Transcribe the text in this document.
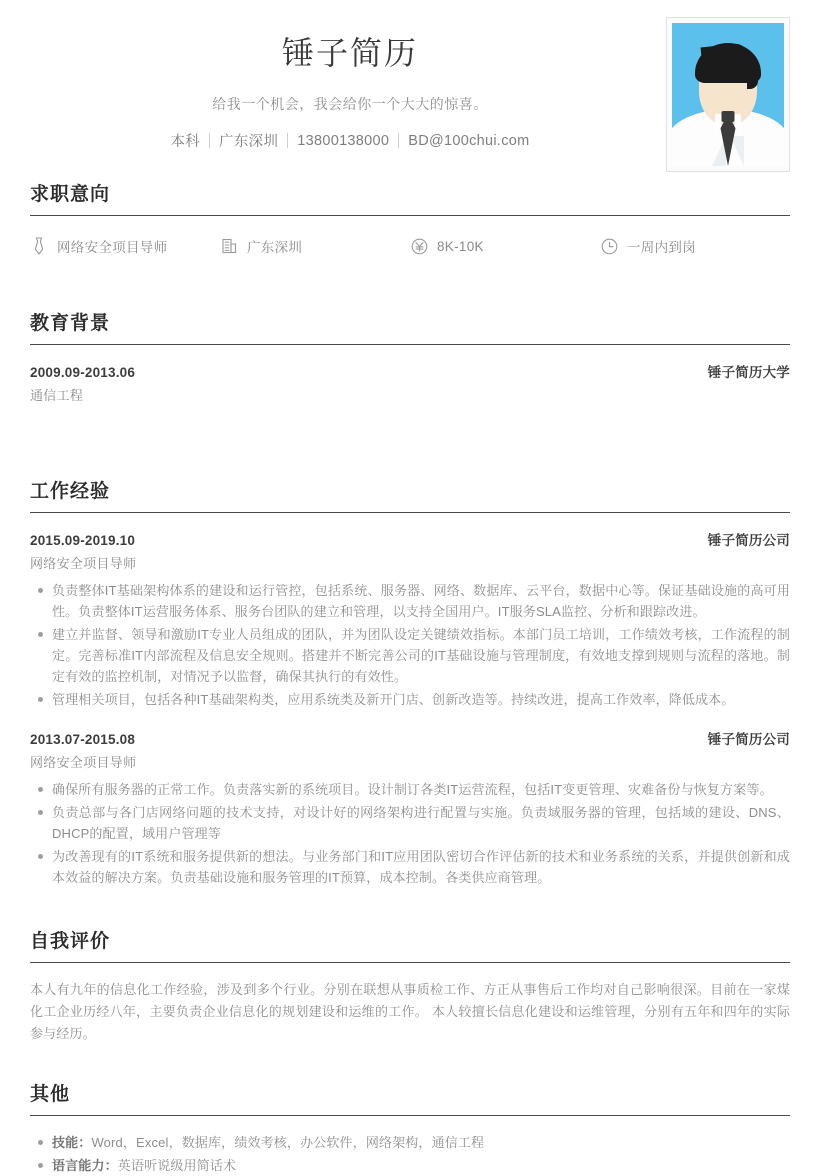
锤子简历
给我一个机会，我会给你一个大大的惊喜。
本科	广东深圳	13800138000	BD@100chui.com
求职意向
网络安全项目导师	广东深圳	8K-10K	一周内到岗
教育背景
2009.09-2013.06	锤子简历大学
通信工程
工作经验
2015.09-2019.10	锤子简历公司
网络安全项目导师
负责整体IT基础架构体系的建设和运行管控，包括系统、服务器、网络、数据库、云平台，数据中心等。保证基础设施的高可用性。负责整体IT运营服务体系、服务台团队的建立和管理，以支持全国用户。IT服务SLA监控、分析和跟踪改进。
建立并监督、领导和激励IT专业人员组成的团队，并为团队设定关键绩效指标。本部门员工培训，工作绩效考核，工作流程的制定。完善标准IT内部流程及信息安全规则。搭建并不断完善公司的IT基础设施与管理制度，有效地支撑到规则与流程的落地。制定有效的监控机制，对情况予以监督，确保其执行的有效性。
管理相关项目，包括各种IT基础架构类，应用系统类及新开门店、创新改造等。持续改进，提高工作效率，降低成本。
2013.07-2015.08	锤子简历公司
网络安全项目导师
确保所有服务器的正常工作。负责落实新的系统项目。设计制订各类IT运营流程，包括IT变更管理、灾难备份与恢复方案等。
负责总部与各门店网络问题的技术支持，对设计好的网络架构进行配置与实施。负责域服务器的管理，包括域的建设、DNS、DHCP的配置，域用户管理等
为改善现有的IT系统和服务提供新的想法。与业务部门和IT应用团队密切合作评估新的技术和业务系统的关系，并提供创新和成本效益的解决方案。负责基础设施和服务管理的IT预算，成本控制。各类供应商管理。
自我评价
本人有九年的信息化工作经验，涉及到多个行业。分别在联想从事质检工作、方正从事售后工作均对自己影响很深。目前在一家煤化工企业历经八年，主要负责企业信息化的规划建设和运维的工作。 本人较擅长信息化建设和运维管理，分别有五年和四年的实际参与经历。
其他
技能：Word，Excel，数据库，绩效考核，办公软件，网络架构，通信工程
语言能力：英语听说级用简话术
